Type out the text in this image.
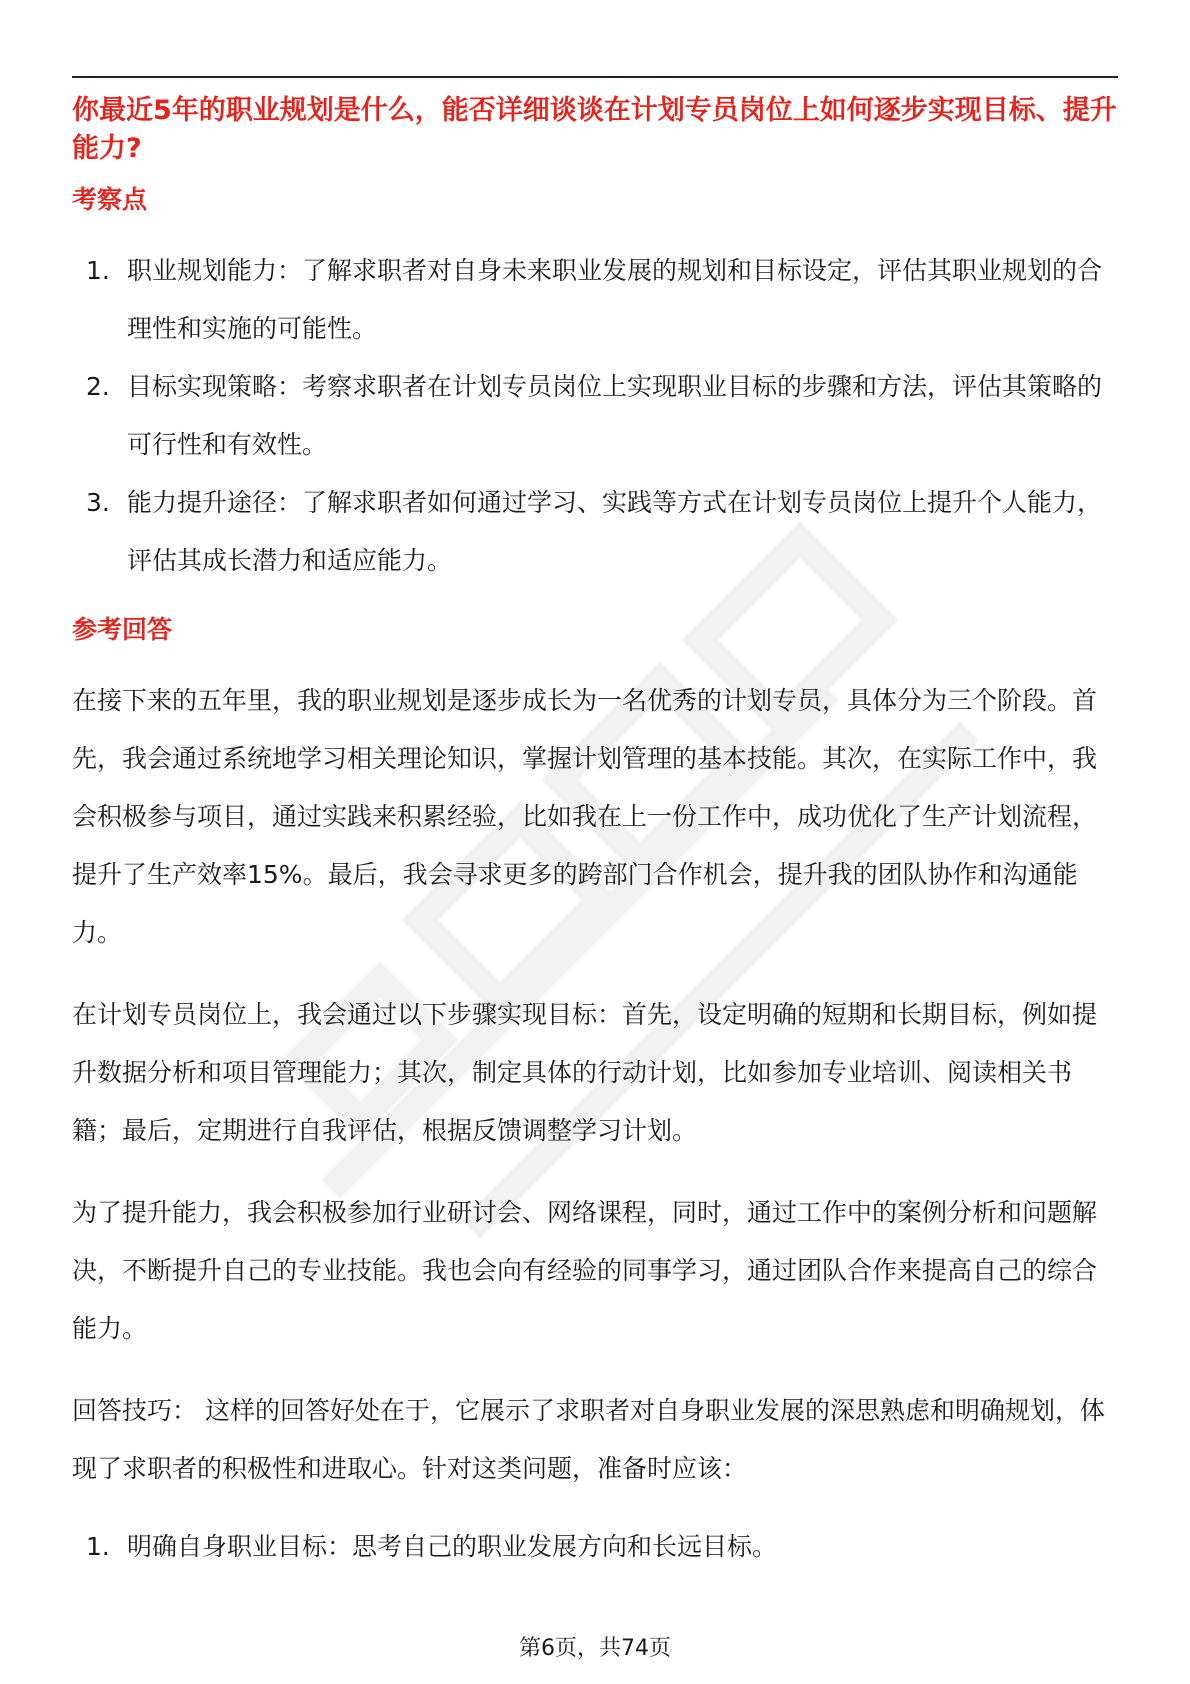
你最近5年的职业规划是什么，能否详细谈谈在计划专员岗位上如何逐步实现目标、提升能力?

考察点
1. 职业规划能力：了解求职者对自身未来职业发展的规划和目标设定，评估其职业规划的合理性和实施的可能性。
2. 目标实现策略：考察求职者在计划专员岗位上实现职业目标的步骤和方法，评估其策略的可行性和有效性。
3. 能力提升途径：了解求职者如何通过学习、实践等方式在计划专员岗位上提升个人能力，评估其成长潜力和适应能力。
参考回答

在接下来的五年里，我的职业规划是逐步成长为一名优秀的计划专员，具体分为三个阶段。首先，我会通过系统地学习相关理论知识，掌握计划管理的基本技能。其次，在实际工作中，我会积极参与项目，通过实践来积累经验，比如我在上一份工作中，成功优化了生产计划流程，提升了生产效率15%。最后，我会寻求更多的跨部门合作机会，提升我的团队协作和沟通能力。

在计划专员岗位上，我会通过以下步骤实现目标：首先，设定明确的短期和长期目标，例如提升数据分析和项目管理能力；其次，制定具体的行动计划，比如参加专业培训、阅读相关书籍；最后，定期进行自我评估，根据反馈调整学习计划。

为了提升能力，我会积极参加行业研讨会、网络课程，同时，通过工作中的案例分析和问题解决，不断提升自己的专业技能。我也会向有经验的同事学习，通过团队合作来提高自己的综合能力。

回答技巧： 这样的回答好处在于，它展示了求职者对自身职业发展的深思熟虑和明确规划，体现了求职者的积极性和进取心。针对这类问题，准备时应该：

1. 明确自身职业目标：思考自己的职业发展方向和长远目标。
第6页，共74页
